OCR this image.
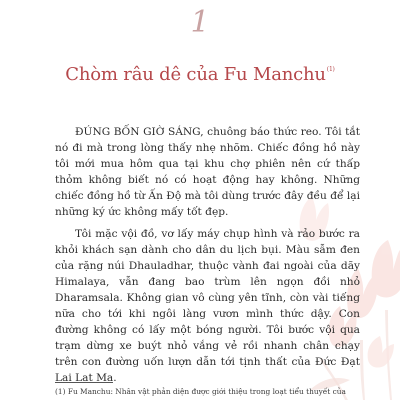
1
Chòm râu dê của Fu Manchu$^{(1)}$

ĐÚNG BỐN GIỜ SÁNG, chuông báo thức reo. Tôi tắt nó đi mà trong lòng thấy nhẹ nhõm. Chiếc đồng hồ này tôi mới mua hôm qua tại khu chợ phiên nên cứ thấp thỏm không biết nó có hoạt động hay không. Những chiếc đồng hồ từ Ấn Độ mà tôi dùng trước đây đều để lại những ký ức không mấy tốt đẹp.

Tôi mặc vội đồ, vơ lấy máy chụp hình và rảo bước ra khỏi khách sạn dành cho dân du lịch bụi. Màu sẫm đen của rặng núi Dhauladhar, thuộc vành đai ngoài của dãy Himalaya, vẫn đang bao trùm lên ngọn đồi nhỏ Dharamsala. Không gian vô cùng yên tĩnh, còn vài tiếng nữa cho tới khi ngôi làng vươn mình thức dậy. Con đường không có lấy một bóng người. Tôi bước vội qua trạm dừng xe buýt nhỏ vắng vẻ rồi nhanh chân chạy trên con đường uốn lượn dẫn tới tịnh thất của Đức Đạt Lai Lạt Ma.

(1) Fu Manchu: Nhân vật phản diện được giới thiệu trong loạt tiểu thuyết của
